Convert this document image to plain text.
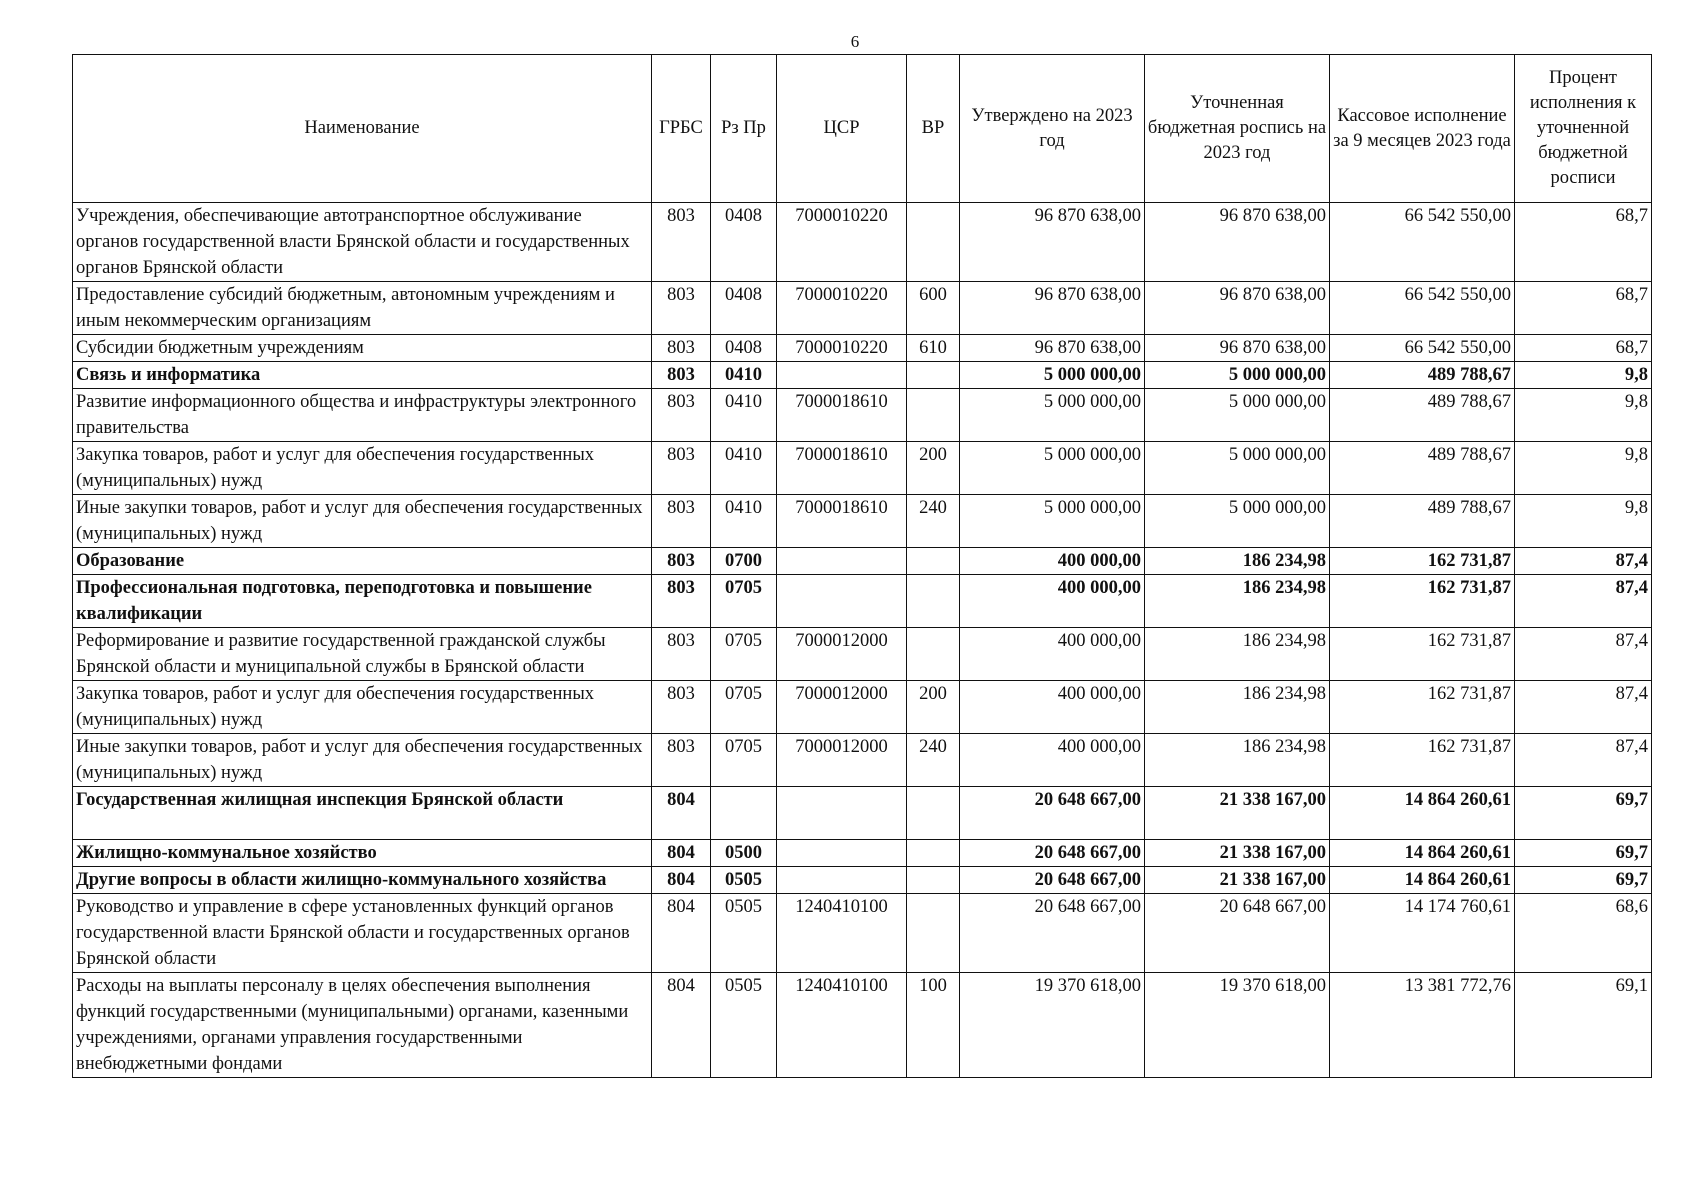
6
Наименование	ГРБС	Рз Пр	ЦСР	ВР	Утверждено на 2023 год	Уточненная бюджетная роспись на 2023 год	Кассовое исполнение за 9 месяцев 2023 года	Процент исполнения к уточненной бюджетной росписи
Учреждения, обеспечивающие автотранспортное обслуживание органов государственной власти Брянской области и государственных органов Брянской области	803	0408	7000010220		96 870 638,00	96 870 638,00	66 542 550,00	68,7
Предоставление субсидий бюджетным, автономным учреждениям и иным некоммерческим организациям	803	0408	7000010220	600	96 870 638,00	96 870 638,00	66 542 550,00	68,7
Субсидии бюджетным учреждениям	803	0408	7000010220	610	96 870 638,00	96 870 638,00	66 542 550,00	68,7
Связь и информатика	803	0410			5 000 000,00	5 000 000,00	489 788,67	9,8
Развитие информационного общества и инфраструктуры электронного правительства	803	0410	7000018610		5 000 000,00	5 000 000,00	489 788,67	9,8
Закупка товаров, работ и услуг для обеспечения государственных (муниципальных) нужд	803	0410	7000018610	200	5 000 000,00	5 000 000,00	489 788,67	9,8
Иные закупки товаров, работ и услуг для обеспечения государственных (муниципальных) нужд	803	0410	7000018610	240	5 000 000,00	5 000 000,00	489 788,67	9,8
Образование	803	0700			400 000,00	186 234,98	162 731,87	87,4
Профессиональная подготовка, переподготовка и повышение квалификации	803	0705			400 000,00	186 234,98	162 731,87	87,4
Реформирование и развитие государственной гражданской службы Брянской области и муниципальной службы в Брянской области	803	0705	7000012000		400 000,00	186 234,98	162 731,87	87,4
Закупка товаров, работ и услуг для обеспечения государственных (муниципальных) нужд	803	0705	7000012000	200	400 000,00	186 234,98	162 731,87	87,4
Иные закупки товаров, работ и услуг для обеспечения государственных (муниципальных) нужд	803	0705	7000012000	240	400 000,00	186 234,98	162 731,87	87,4
Государственная жилищная инспекция Брянской области	804				20 648 667,00	21 338 167,00	14 864 260,61	69,7
Жилищно-коммунальное хозяйство	804	0500			20 648 667,00	21 338 167,00	14 864 260,61	69,7
Другие вопросы в области жилищно-коммунального хозяйства	804	0505			20 648 667,00	21 338 167,00	14 864 260,61	69,7
Руководство и управление в сфере установленных функций органов государственной власти Брянской области и государственных органов Брянской области	804	0505	1240410100		20 648 667,00	20 648 667,00	14 174 760,61	68,6
Расходы на выплаты персоналу в целях обеспечения выполнения функций государственными (муниципальными) органами, казенными учреждениями, органами управления государственными внебюджетными фондами	804	0505	1240410100	100	19 370 618,00	19 370 618,00	13 381 772,76	69,1
